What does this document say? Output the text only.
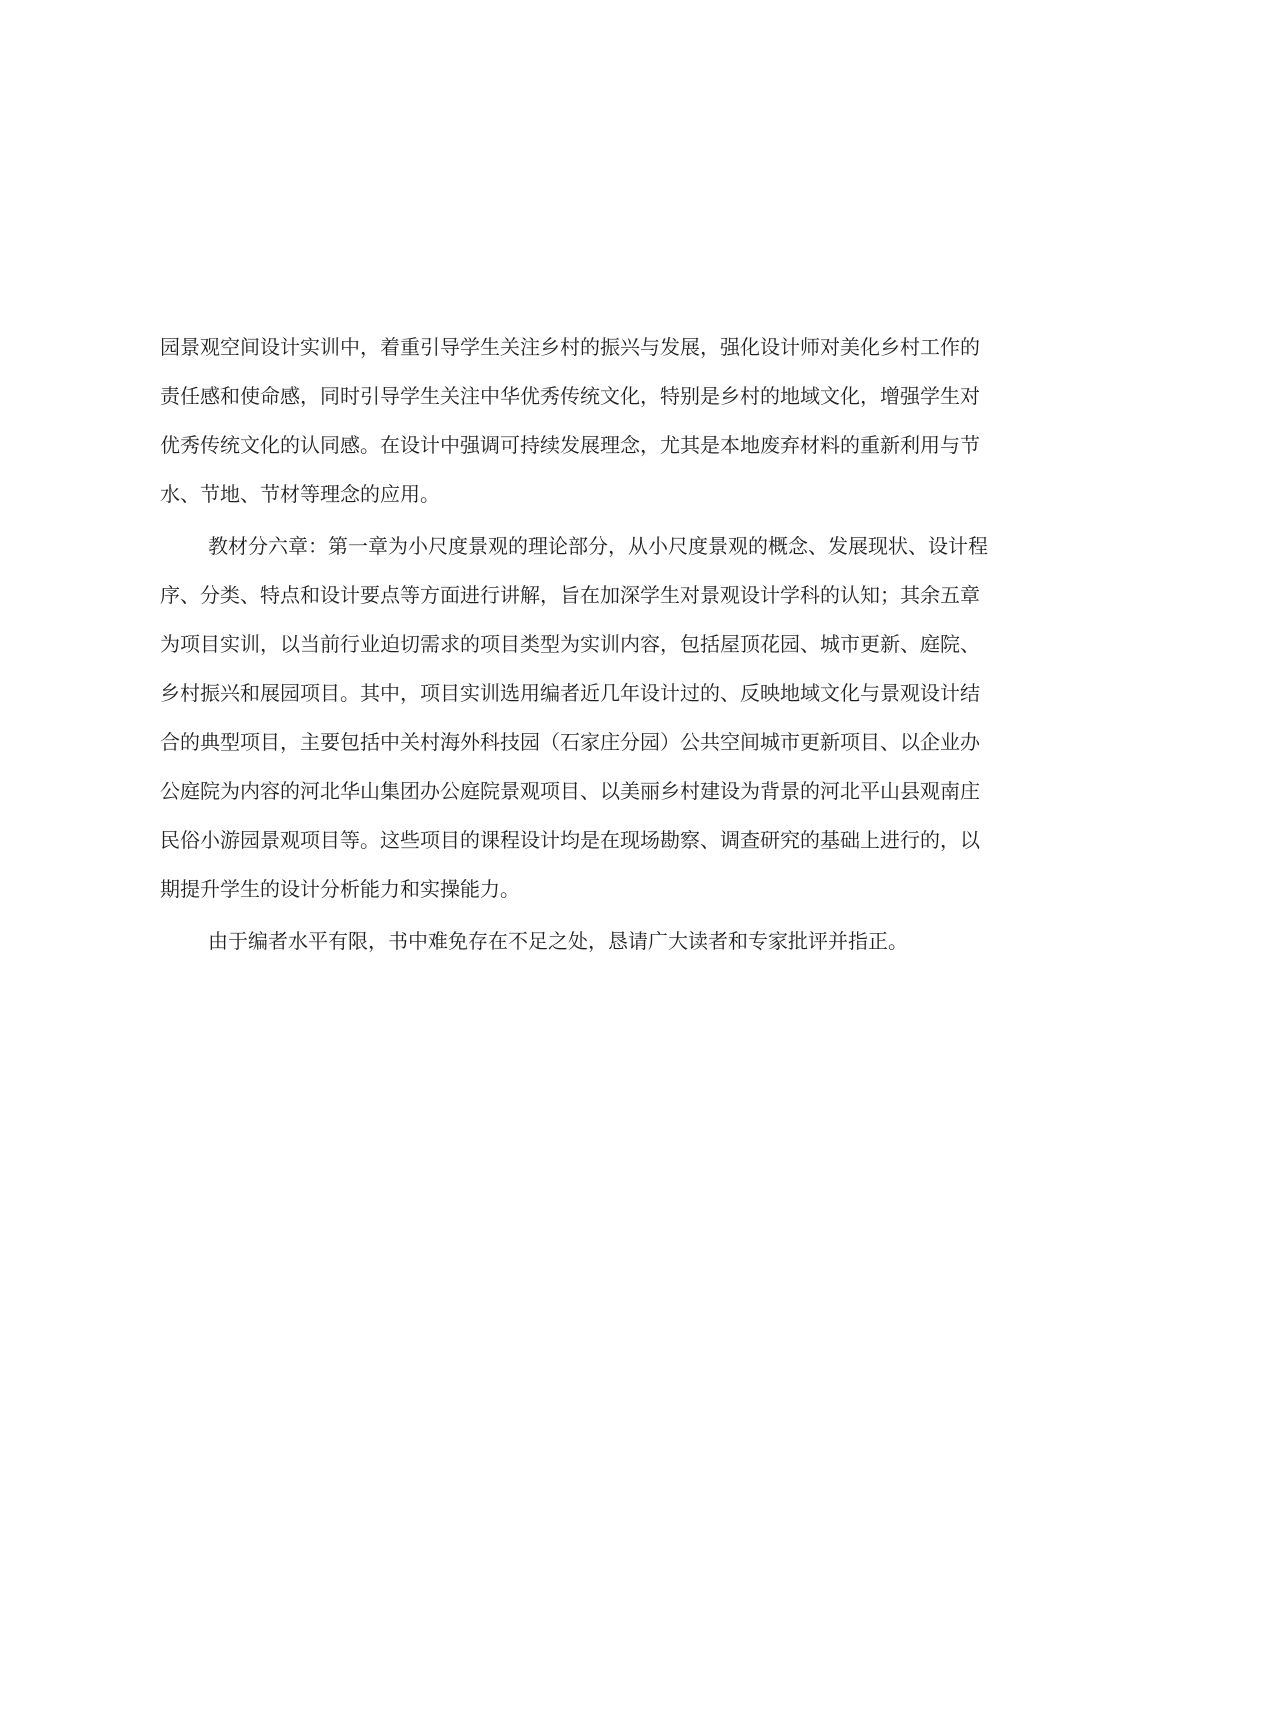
园景观空间设计实训中，着重引导学生关注乡村的振兴与发展，强化设计师对美化乡村工作的
责任感和使命感，同时引导学生关注中华优秀传统文化，特别是乡村的地域文化，增强学生对
优秀传统文化的认同感。在设计中强调可持续发展理念，尤其是本地废弃材料的重新利用与节
水、节地、节材等理念的应用。
教材分六章：第一章为小尺度景观的理论部分，从小尺度景观的概念、发展现状、设计程
序、分类、特点和设计要点等方面进行讲解，旨在加深学生对景观设计学科的认知；其余五章
为项目实训，以当前行业迫切需求的项目类型为实训内容，包括屋顶花园、城市更新、庭院、
乡村振兴和展园项目。其中，项目实训选用编者近几年设计过的、反映地域文化与景观设计结
合的典型项目，主要包括中关村海外科技园（石家庄分园）公共空间城市更新项目、以企业办
公庭院为内容的河北华山集团办公庭院景观项目、以美丽乡村建设为背景的河北平山县观南庄
民俗小游园景观项目等。这些项目的课程设计均是在现场勘察、调查研究的基础上进行的，以
期提升学生的设计分析能力和实操能力。
由于编者水平有限，书中难免存在不足之处，恳请广大读者和专家批评并指正。
